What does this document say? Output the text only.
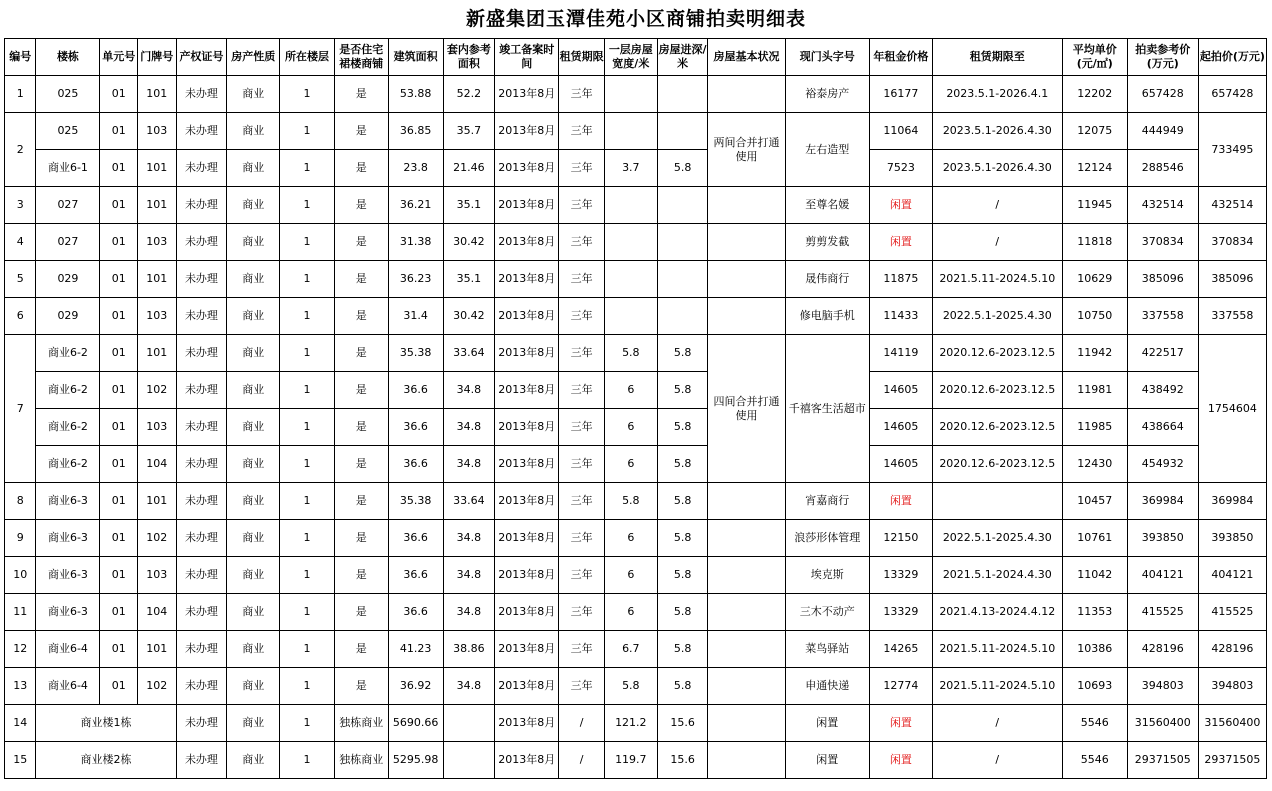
新盛集团玉潭佳苑小区商铺拍卖明细表
编号	楼栋	单元号	门牌号	产权证号	房产性质	所在楼层	是否住宅裙楼商铺	建筑面积	套内参考面积	竣工备案时间	租赁期限	一层房屋宽度/米	房屋进深/米	房屋基本状况	现门头字号	年租金价格	租赁期限至	平均单价(元/㎡)	拍卖参考价(万元)	起拍价(万元)
1	025	01	101	未办理	商业	1	是	53.88	52.2	2013年8月	三年				裕泰房产	16177	2023.5.1-2026.4.1	12202	657428	657428
2	025	01	103	未办理	商业	1	是	36.85	35.7	2013年8月	三年			两间合并打通使用	左右造型	11064	2023.5.1-2026.4.30	12075	444949	733495
	商业6-1	01	101	未办理	商业	1	是	23.8	21.46	2013年8月	三年	3.7	5.8			7523	2023.5.1-2026.4.30	12124	288546	
3	027	01	101	未办理	商业	1	是	36.21	35.1	2013年8月	三年				至尊名媛	闲置	/	11945	432514	432514
4	027	01	103	未办理	商业	1	是	31.38	30.42	2013年8月	三年				剪剪发截	闲置	/	11818	370834	370834
5	029	01	101	未办理	商业	1	是	36.23	35.1	2013年8月	三年				晟伟商行	11875	2021.5.11-2024.5.10	10629	385096	385096
6	029	01	103	未办理	商业	1	是	31.4	30.42	2013年8月	三年				修电脑手机	11433	2022.5.1-2025.4.30	10750	337558	337558
7	商业6-2	01	101	未办理	商业	1	是	35.38	33.64	2013年8月	三年	5.8	5.8	四间合并打通使用	千禧客生活超市	14119	2020.12.6-2023.12.5	11942	422517	1754604
	商业6-2	01	102	未办理	商业	1	是	36.6	34.8	2013年8月	三年	6	5.8			14605	2020.12.6-2023.12.5	11981	438492	
	商业6-2	01	103	未办理	商业	1	是	36.6	34.8	2013年8月	三年	6	5.8			14605	2020.12.6-2023.12.5	11985	438664	
	商业6-2	01	104	未办理	商业	1	是	36.6	34.8	2013年8月	三年	6	5.8			14605	2020.12.6-2023.12.5	12430	454932	
8	商业6-3	01	101	未办理	商业	1	是	35.38	33.64	2013年8月	三年	5.8	5.8		宵嘉商行	闲置		10457	369984	369984
9	商业6-3	01	102	未办理	商业	1	是	36.6	34.8	2013年8月	三年	6	5.8		浪莎形体管理	12150	2022.5.1-2025.4.30	10761	393850	393850
10	商业6-3	01	103	未办理	商业	1	是	36.6	34.8	2013年8月	三年	6	5.8		埃克斯	13329	2021.5.1-2024.4.30	11042	404121	404121
11	商业6-3	01	104	未办理	商业	1	是	36.6	34.8	2013年8月	三年	6	5.8		三木不动产	13329	2021.4.13-2024.4.12	11353	415525	415525
12	商业6-4	01	101	未办理	商业	1	是	41.23	38.86	2013年8月	三年	6.7	5.8		菜鸟驿站	14265	2021.5.11-2024.5.10	10386	428196	428196
13	商业6-4	01	102	未办理	商业	1	是	36.92	34.8	2013年8月	三年	5.8	5.8		申通快递	12774	2021.5.11-2024.5.10	10693	394803	394803
14	商业楼1栋			未办理	商业	1	独栋商业	5690.66		2013年8月	/	121.2	15.6		闲置	闲置	/	5546	31560400	31560400
15	商业楼2栋			未办理	商业	1	独栋商业	5295.98		2013年8月	/	119.7	15.6		闲置	闲置	/	5546	29371505	29371505
